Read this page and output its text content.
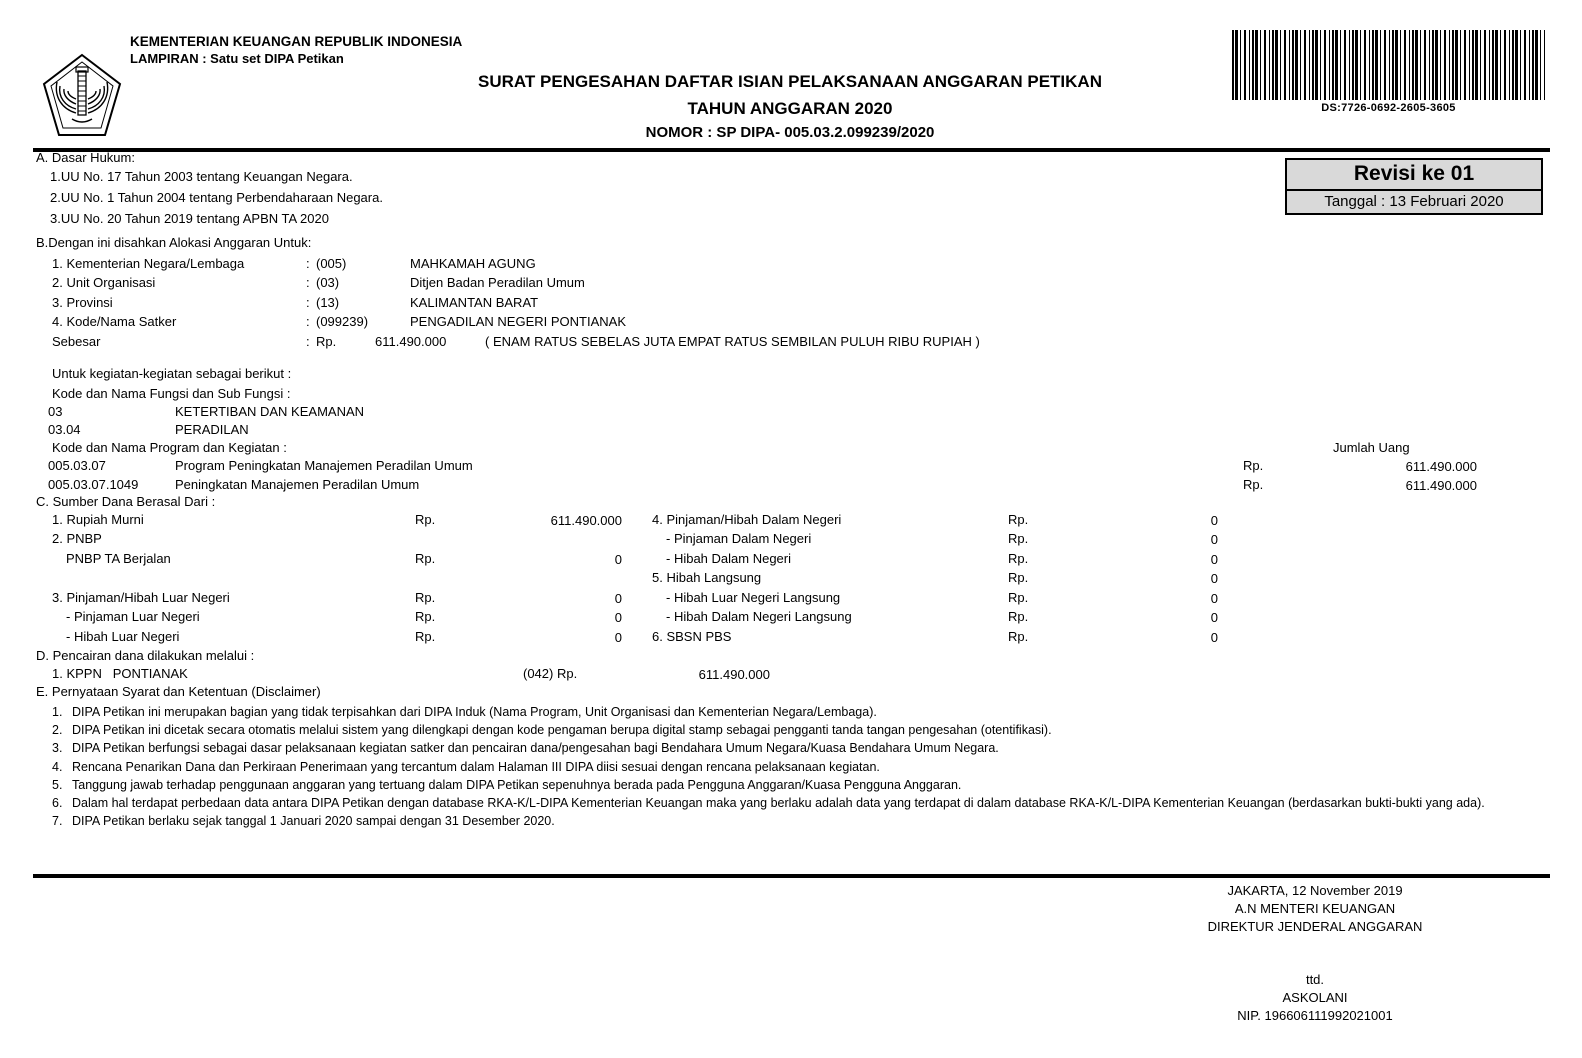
KEMENTERIAN KEUANGAN REPUBLIK INDONESIA
LAMPIRAN : Satu set DIPA Petikan
SURAT PENGESAHAN DAFTAR ISIAN PELAKSANAAN ANGGARAN PETIKAN
TAHUN ANGGARAN 2020
NOMOR : SP DIPA- 005.03.2.099239/2020
DS:7726-0692-2605-3605
Revisi ke 01
Tanggal : 13 Februari 2020
A. Dasar Hukum:
1.UU No. 17 Tahun 2003 tentang Keuangan Negara.
2.UU No. 1 Tahun 2004 tentang Perbendaharaan Negara.
3.UU No. 20 Tahun 2019 tentang APBN TA 2020
B.Dengan ini disahkan Alokasi Anggaran Untuk:
1. Kementerian Negara/Lembaga	: (005)	MAHKAMAH AGUNG
2. Unit Organisasi	: (03)	Ditjen Badan Peradilan Umum
3. Provinsi	: (13)	KALIMANTAN BARAT
4. Kode/Nama Satker	: (099239)	PENGADILAN NEGERI PONTIANAK
Sebesar	: Rp.	611.490.000	( ENAM RATUS SEBELAS JUTA EMPAT RATUS SEMBILAN PULUH RIBU RUPIAH )
Untuk kegiatan-kegiatan sebagai berikut :
Kode dan Nama Fungsi dan Sub Fungsi :
03	KETERTIBAN DAN KEAMANAN
03.04	PERADILAN
Kode dan Nama Program dan Kegiatan :	Jumlah Uang
005.03.07	Program Peningkatan Manajemen Peradilan Umum	Rp.	611.490.000
005.03.07.1049	Peningkatan Manajemen Peradilan Umum	Rp.	611.490.000
C. Sumber Dana Berasal Dari :
1. Rupiah Murni	Rp.	611.490.000 4. Pinjaman/Hibah Dalam Negeri	Rp.	0
2. PNBP	- Pinjaman Dalam Negeri	Rp.	0
PNBP TA Berjalan	Rp.	0	- Hibah Dalam Negeri	Rp.	0
5. Hibah Langsung	Rp.	0
3. Pinjaman/Hibah Luar Negeri	Rp.	0	- Hibah Luar Negeri Langsung	Rp.	0
- Pinjaman Luar Negeri	Rp.	0	- Hibah Dalam Negeri Langsung	Rp.	0
- Hibah Luar Negeri	Rp.	0 6. SBSN PBS	Rp.	0
D. Pencairan dana dilakukan melalui :
1. KPPN   PONTIANAK	(042) Rp.	611.490.000
E. Pernyataan Syarat dan Ketentuan (Disclaimer)
1. DIPA Petikan ini merupakan bagian yang tidak terpisahkan dari DIPA Induk (Nama Program, Unit Organisasi dan Kementerian Negara/Lembaga).
2. DIPA Petikan ini dicetak secara otomatis melalui sistem yang dilengkapi dengan kode pengaman berupa digital stamp sebagai pengganti tanda tangan pengesahan (otentifikasi).
3. DIPA Petikan berfungsi sebagai dasar pelaksanaan kegiatan satker dan pencairan dana/pengesahan bagi Bendahara Umum Negara/Kuasa Bendahara Umum Negara.
4. Rencana Penarikan Dana dan Perkiraan Penerimaan yang tercantum dalam Halaman III DIPA diisi sesuai dengan rencana pelaksanaan kegiatan.
5. Tanggung jawab terhadap penggunaan anggaran yang tertuang dalam DIPA Petikan sepenuhnya berada pada Pengguna Anggaran/Kuasa Pengguna Anggaran.
6. Dalam hal terdapat perbedaan data antara DIPA Petikan dengan database RKA-K/L-DIPA Kementerian Keuangan maka yang berlaku adalah data yang terdapat di dalam database RKA-K/L-DIPA Kementerian Keuangan (berdasarkan bukti-bukti yang ada).
7. DIPA Petikan berlaku sejak tanggal 1 Januari 2020 sampai dengan 31 Desember 2020.
JAKARTA, 12 November 2019
A.N MENTERI KEUANGAN
DIREKTUR JENDERAL ANGGARAN
ttd.
ASKOLANI
NIP. 196606111992021001
